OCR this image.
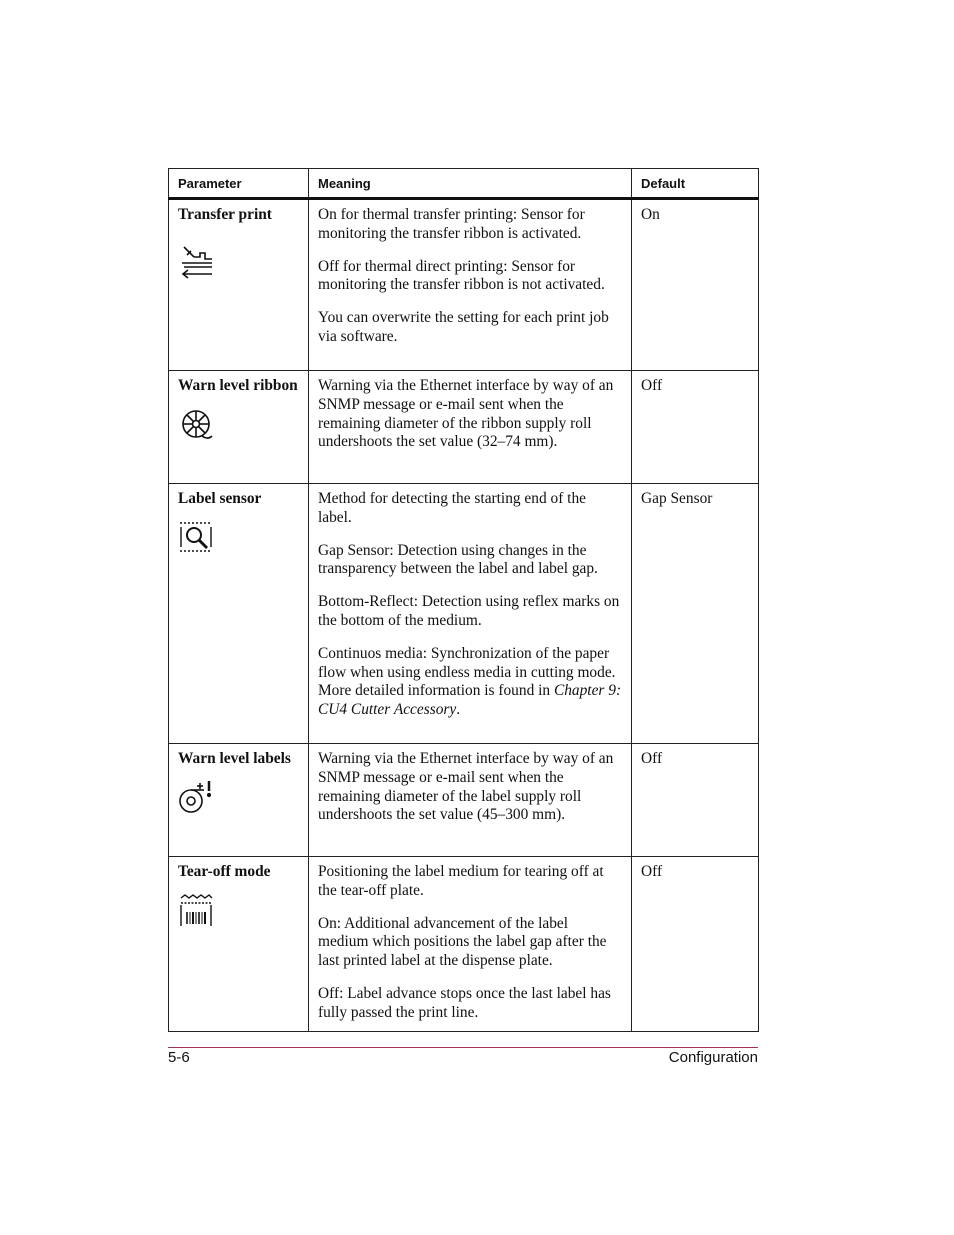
Parameter	Meaning	Default
Transfer print	On for thermal transfer printing: Sensor for monitoring the transfer ribbon is activated.

Off for thermal direct printing: Sensor for monitoring the transfer ribbon is not activated.

You can overwrite the setting for each print job via software.	On
Warn level ribbon	Warning via the Ethernet interface by way of an SNMP message or e-mail sent when the remaining diameter of the ribbon supply roll undershoots the set value (32–74 mm).	Off
Label sensor	Method for detecting the starting end of the label.

Gap Sensor: Detection using changes in the transparency between the label and label gap.

Bottom-Reflect: Detection using reflex marks on the bottom of the medium.

Continuos media: Synchronization of the paper flow when using endless media in cutting mode. More detailed information is found in Chapter 9: CU4 Cutter Accessory.	Gap Sensor
Warn level labels	Warning via the Ethernet interface by way of an SNMP message or e-mail sent when the remaining diameter of the label supply roll undershoots the set value (45–300 mm).	Off
Tear-off mode	Positioning the label medium for tearing off at the tear-off plate.

On: Additional advancement of the label medium which positions the label gap after the last printed label at the dispense plate.

Off: Label advance stops once the last label has fully passed the print line.	Off
5-6	Configuration
